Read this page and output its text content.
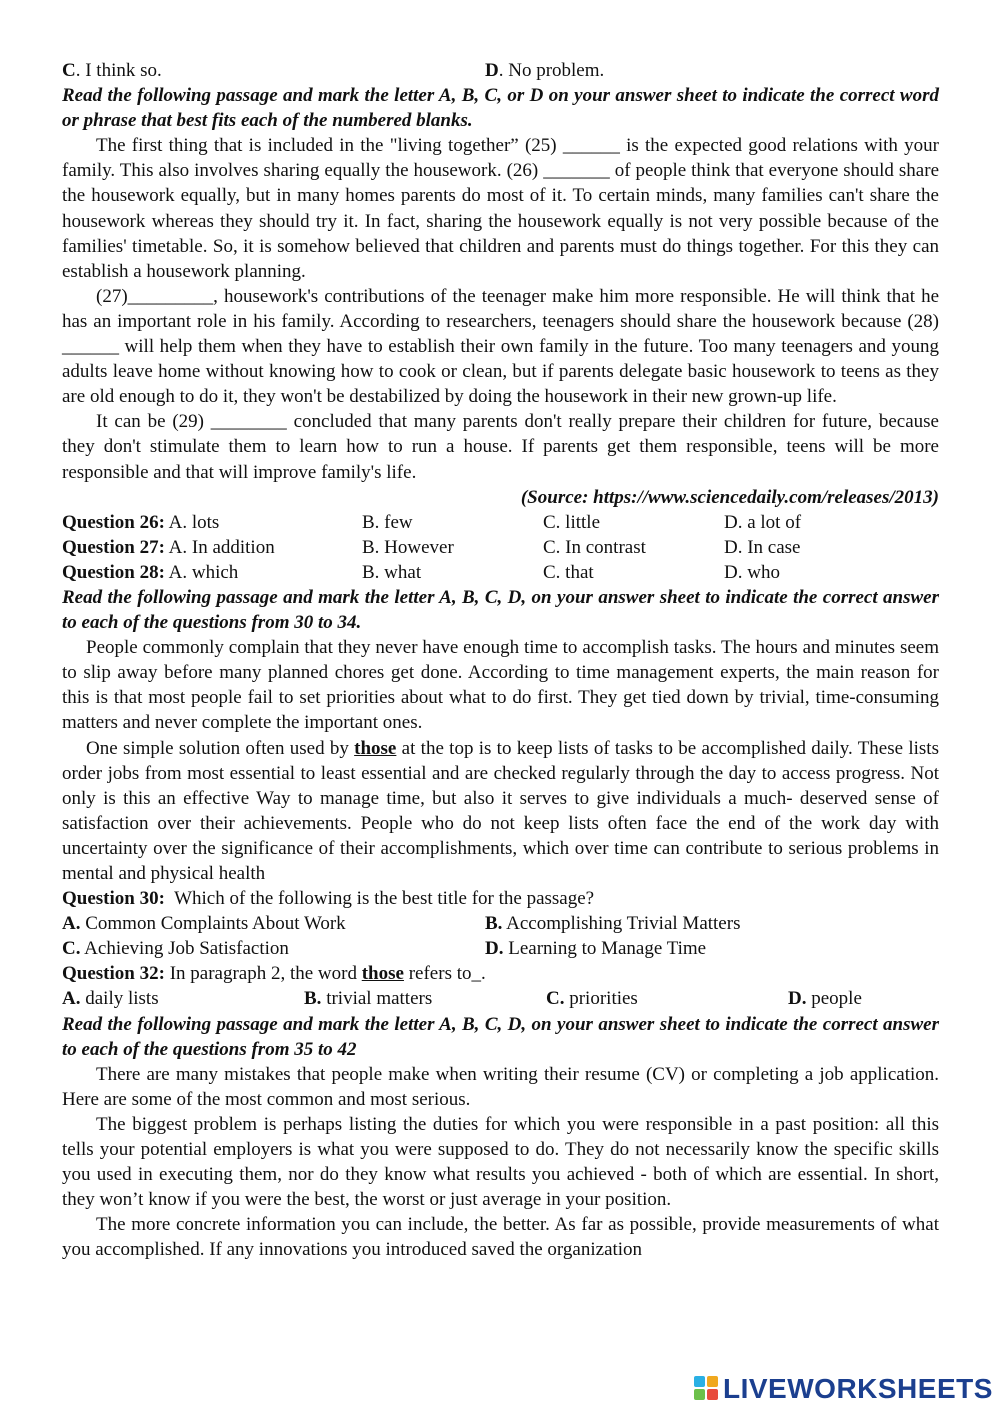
C. I think so.	D. No problem.

Read the following passage and mark the letter A, B, C, or D on your answer sheet to indicate the correct word or phrase that best fits each of the numbered blanks.

The first thing that is included in the "living together” (25) ______ is the expected good relations with your family. This also involves sharing equally the housework. (26) _______ of people think that everyone should share the housework equally, but in many homes parents do most of it. To certain minds, many families can't share the housework whereas they should try it. In fact, sharing the housework equally is not very possible because of the families' timetable. So, it is somehow believed that children and parents must do things together. For this they can establish a housework planning.

(27)_________, housework's contributions of the teenager make him more responsible. He will think that he has an important role in his family. According to researchers, teenagers should share the housework because (28) ______ will help them when they have to establish their own family in the future. Too many teenagers and young adults leave home without knowing how to cook or clean, but if parents delegate basic housework to teens as they are old enough to do it, they won't be destabilized by doing the housework in their new grown-up life.

It can be (29) ________ concluded that many parents don't really prepare their children for future, because they don't stimulate them to learn how to run a house. If parents get them responsible, teens will be more responsible and that will improve family's life.

(Source: https://www.sciencedaily.com/releases/2013)
Question 26: A. lots	B. few	C. little	D. a lot of
Question 27: A. In addition	B. However	C. In contrast	D. In case
Question 28: A. which	B. what	C. that	D. who

Read the following passage and mark the letter A, B, C, D, on your answer sheet to indicate the correct answer to each of the questions from 30 to 34.

People commonly complain that they never have enough time to accomplish tasks. The hours and minutes seem to slip away before many planned chores get done. According to time management experts, the main reason for this is that most people fail to set priorities about what to do first. They get tied down by trivial, time-consuming matters and never complete the important ones.

One simple solution often used by those at the top is to keep lists of tasks to be accomplished daily. These lists order jobs from most essential to least essential and are checked regularly through the day to access progress. Not only is this an effective Way to manage time, but also it serves to give individuals a much- deserved sense of satisfaction over their achievements. People who do not keep lists often face the end of the work day with uncertainty over the significance of their accomplishments, which over time can contribute to serious problems in mental and physical health

Question 30:  Which of the following is the best title for the passage?
A. Common Complaints About Work	B. Accomplishing Trivial Matters
C. Achieving Job Satisfaction	D. Learning to Manage Time
Question 32: In paragraph 2, the word those refers to_.
A. daily lists	B. trivial matters	C. priorities	D. people

Read the following passage and mark the letter A, B, C, D, on your answer sheet to indicate the correct answer to each of the questions from 35 to 42

There are many mistakes that people make when writing their resume (CV) or completing a job application. Here are some of the most common and most serious.

The biggest problem is perhaps listing the duties for which you were responsible in a past position: all this tells your potential employers is what you were supposed to do. They do not necessarily know the specific skills you used in executing them, nor do they know what results you achieved - both of which are essential. In short, they won’t know if you were the best, the worst or just average in your position.

The more concrete information you can include, the better. As far as possible, provide measurements of what you accomplished. If any innovations you introduced saved the organization

LIVEWORKSHEETS
